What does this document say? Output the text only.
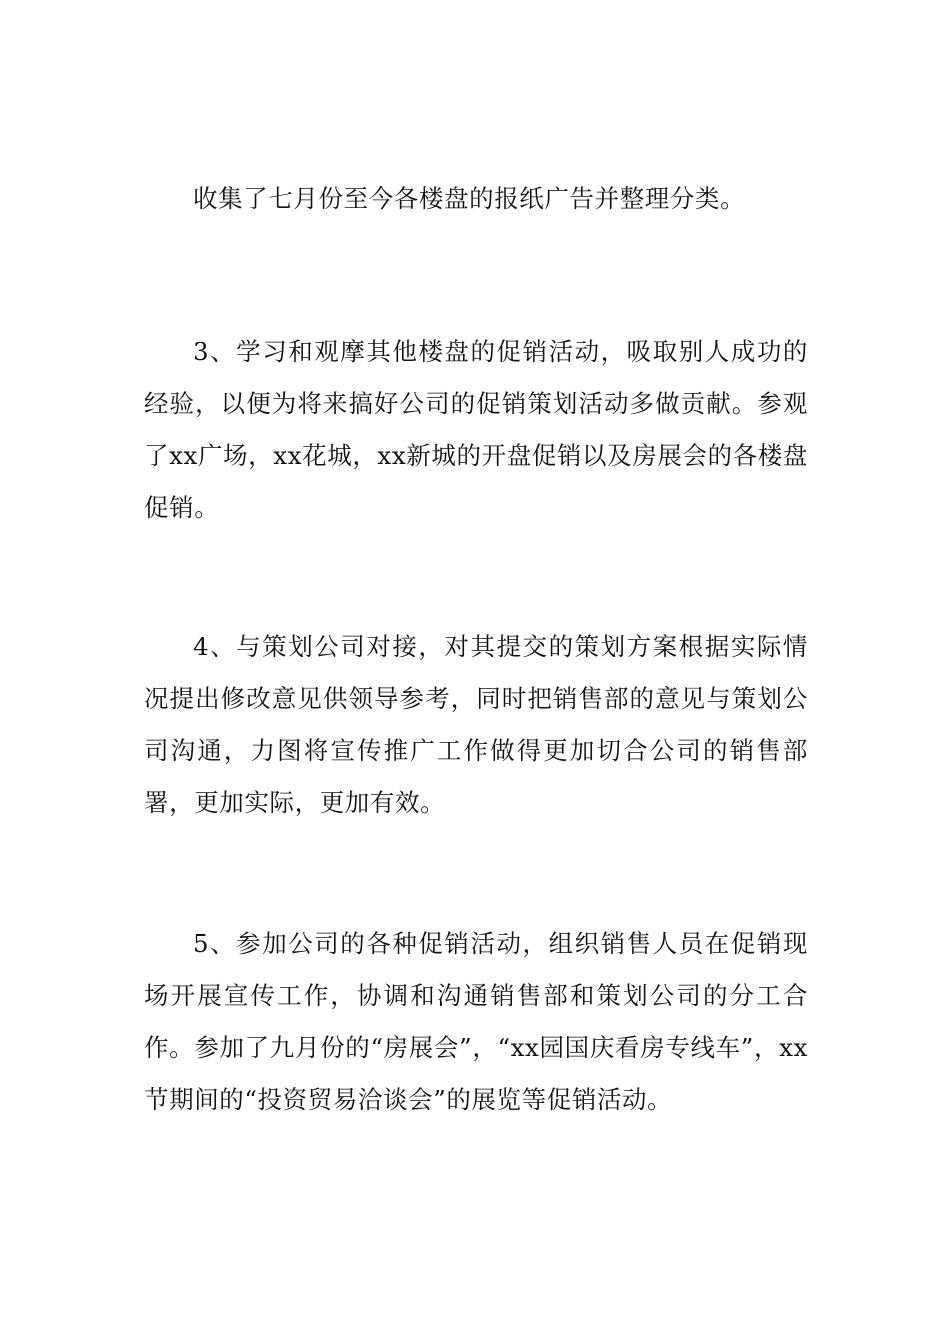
收集了七月份至今各楼盘的报纸广告并整理分类。

3、学习和观摩其他楼盘的促销活动，吸取别人成功的经验，以便为将来搞好公司的促销策划活动多做贡献。参观了xx广场，xx花城，xx新城的开盘促销以及房展会的各楼盘促销。

4、与策划公司对接，对其提交的策划方案根据实际情况提出修改意见供领导参考，同时把销售部的意见与策划公司沟通，力图将宣传推广工作做得更加切合公司的销售部署，更加实际，更加有效。

5、参加公司的各种促销活动，组织销售人员在促销现场开展宣传工作，协调和沟通销售部和策划公司的分工合作。参加了九月份的“房展会”，“xx园国庆看房专线车”，xx节期间的“投资贸易洽谈会”的展览等促销活动。
